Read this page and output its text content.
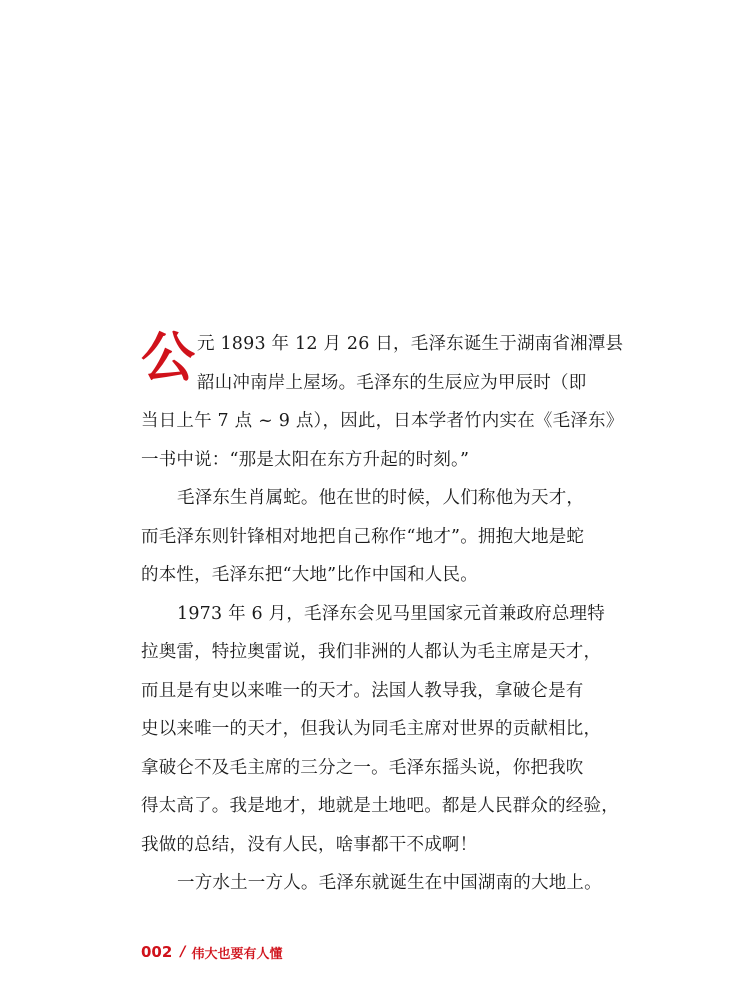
公 元 1893 年 12 月 26 日，毛泽东诞生于湖南省湘潭县
韶山冲南岸上屋场。毛泽东的生辰应为甲辰时（即
当日上午 7 点 ~ 9 点），因此，日本学者竹内实在《毛泽东》
一书中说：“那是太阳在东方升起的时刻。”
毛泽东生肖属蛇。他在世的时候，人们称他为天才，
而毛泽东则针锋相对地把自己称作“地才”。拥抱大地是蛇
的本性，毛泽东把“大地”比作中国和人民。
1973 年 6 月，毛泽东会见马里国家元首兼政府总理特
拉奥雷，特拉奥雷说，我们非洲的人都认为毛主席是天才，
而且是有史以来唯一的天才。法国人教导我，拿破仑是有
史以来唯一的天才，但我认为同毛主席对世界的贡献相比，
拿破仑不及毛主席的三分之一。毛泽东摇头说，你把我吹
得太高了。我是地才，地就是土地吧。都是人民群众的经验，
我做的总结，没有人民，啥事都干不成啊！
一方水土一方人。毛泽东就诞生在中国湖南的大地上。
002 / 伟大也要有人懂
